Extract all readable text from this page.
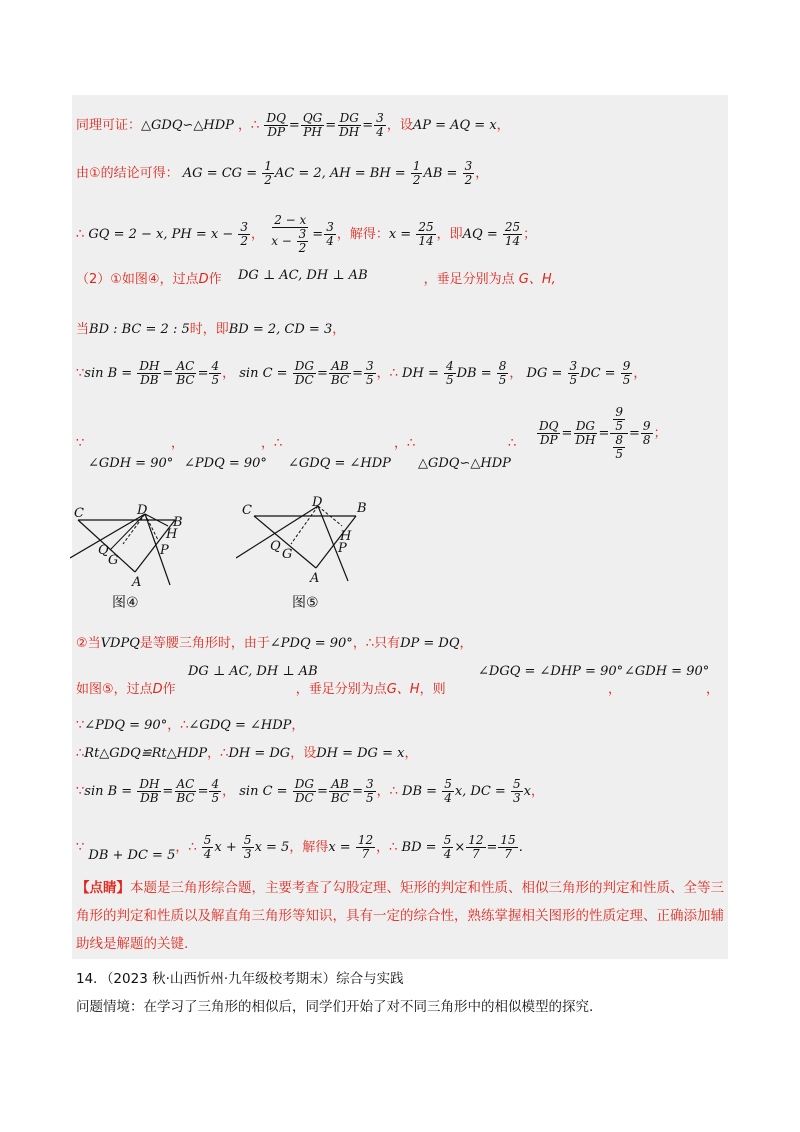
同理可证：△GDQ∽△HDP ，∴ $\frac{DQ}{DP} = \frac{QG}{PH} = \frac{DG}{DH} = \frac{3}{4}$ ，设AP = AQ = x，
由①的结论可得： AG = CG = $\frac{1}{2}$ AC = 2, AH = BH = $\frac{1}{2}$ AB = $\frac{3}{2}$ ，
∴ GQ = 2 − x, PH = $x - \frac{3}{2}$ ， $\frac{2 - x}{x - \frac{3}{2}} = \frac{3}{4}$ ，解得：$x = \frac{25}{14}$ ，即AQ = $\frac{25}{14}$ ；
DG ⊥ AC, DH ⊥ AB
（2）①如图④，过点D作	，垂足分别为点 G、H,
当BD : BC = 2 : 5时，即BD = 2, CD = 3，
∵sin $B = \frac{DH}{DB} = \frac{AC}{BC} = \frac{4}{5}$ ， $\sin C = \frac{DG}{DC} = \frac{AB}{BC} = \frac{3}{5}$ ，∴ DH = $\frac{4}{5}$ DB = $\frac{8}{5}$ ， DG = $\frac{3}{5}$ DC = $\frac{9}{5}$ ，
∵
∠GDH = 90°
，
∠PDQ = 90°
，∴
∠GDQ = ∠HDP
，∴
△GDQ∽△HDP
∴ $\frac{DQ}{DP} = \frac{DG}{DH} = \frac{\frac{9}{5}}{\frac{8}{5}} = \frac{9}{8}$ ；
C	D
B
H
P
Q
G
A
图④
C
D	B
H
P
Q
G
A
图⑤
②当VDPQ是等腰三角形时，由于∠PDQ = 90°，∴只有DP = DQ，
DG ⊥ AC, DH ⊥ AB	∠DGQ = ∠DHP = 90° ∠GDH = 90°
如图⑤，过点D作	，垂足分别为点G、H，则	，	，
∵∠PDQ = 90°，∴∠GDQ = ∠HDP，
∴Rt△GDQ≌Rt△HDP，∴DH = DG，设DH = DG = x，
∵sin $B = \frac{DH}{DB} = \frac{AC}{BC} = \frac{4}{5}$ ， $\sin C = \frac{DG}{DC} = \frac{AB}{BC} = \frac{3}{5}$ ，∴ DB = $\frac{5}{4} x$, DC = $\frac{5}{3}$ x，
∵ DB + DC = 5，∴ $\frac{5}{4}$ $x + \frac{5}{3}$ x = 5，解得$x = \frac{12}{7}$ ，∴ BD = $\frac{5}{4} \times \frac{12}{7} = \frac{15}{7}$ .
【点睛】本题是三角形综合题，主要考查了勾股定理、矩形的判定和性质、相似三角形的判定和性质、全等三角形的判定和性质以及解直角三角形等知识，具有一定的综合性，熟练掌握相关图形的性质定理、正确添加辅助线是解题的关键.
14．（2023 秋·山西忻州·九年级校考期末）综合与实践
问题情境：在学习了三角形的相似后，同学们开始了对不同三角形中的相似模型的探究.
